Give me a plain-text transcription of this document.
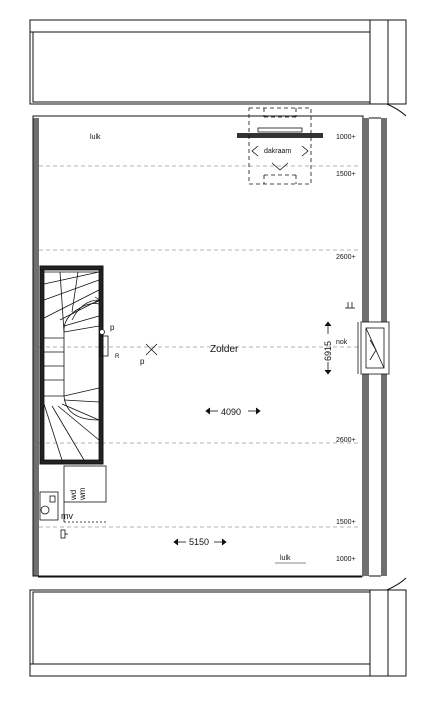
1000+
1500+
2600+
2600+
1500+
1000+
lulk
lulk
dakraam
p
R	p
Zolder
4090
5150
6915 nok
wd wm
mv
